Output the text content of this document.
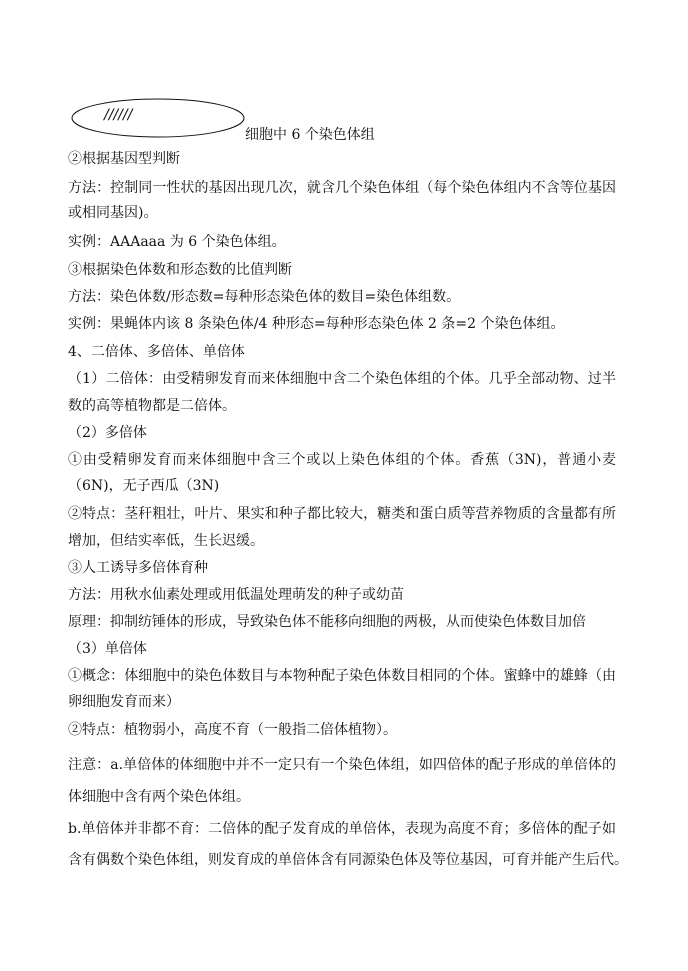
//////
细胞中 6 个染色体组
②根据基因型判断
方法：控制同一性状的基因出现几次，就含几个染色体组（每个染色体组内不含等位基因
或相同基因)。
实例：AAAaaa 为 6 个染色体组。
③根据染色体数和形态数的比值判断
方法：染色体数/形态数=每种形态染色体的数目=染色体组数。
实例：果蝇体内该 8 条染色体/4 种形态=每种形态染色体 2 条=2 个染色体组。
4、二倍体、多倍体、单倍体
（1）二倍体：由受精卵发育而来体细胞中含二个染色体组的个体。几乎全部动物、过半
数的高等植物都是二倍体。
（2）多倍体
①由受精卵发育而来体细胞中含三个或以上染色体组的个体。香蕉（3N)，普通小麦
（6N)，无子西瓜（3N)
②特点：茎秆粗壮，叶片、果实和种子都比较大，糖类和蛋白质等营养物质的含量都有所
增加，但结实率低，生长迟缓。
③人工诱导多倍体育种
方法：用秋水仙素处理或用低温处理萌发的种子或幼苗
原理：抑制纺锤体的形成，导致染色体不能移向细胞的两极，从而使染色体数目加倍
（3）单倍体
①概念：体细胞中的染色体数目与本物种配子染色体数目相同的个体。蜜蜂中的雄蜂（由
卵细胞发育而来）
②特点：植物弱小，高度不育（一般指二倍体植物）。
注意：a.单倍体的体细胞中并不一定只有一个染色体组，如四倍体的配子形成的单倍体的
体细胞中含有两个染色体组。
b.单倍体并非都不育：二倍体的配子发育成的单倍体，表现为高度不育；多倍体的配子如
含有偶数个染色体组，则发育成的单倍体含有同源染色体及等位基因，可育并能产生后代。
